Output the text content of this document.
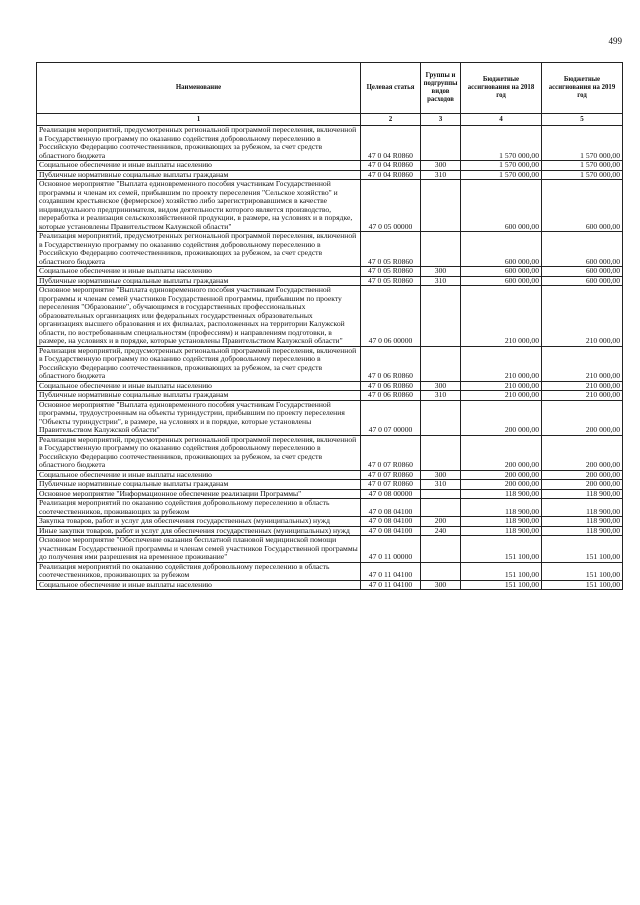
499
Наименование	Целевая статья	Группы и подгруппы видов расходов	Бюджетные ассигнования на 2018 год	Бюджетные ассигнования на 2019 год
1	2	3	4	5
Реализация мероприятий, предусмотренных региональной программой переселения, включенной в Государственную программу по оказанию содействия добровольному переселению в Российскую Федерацию соотечественников, проживающих за рубежом, за счет средств областного бюджета	47 0 04 R0860		1 570 000,00	1 570 000,00
Социальное обеспечение и иные выплаты населению	47 0 04 R0860	300	1 570 000,00	1 570 000,00
Публичные нормативные социальные выплаты гражданам	47 0 04 R0860	310	1 570 000,00	1 570 000,00
Основное мероприятие "Выплата единовременного пособия участникам Государственной программы и членам их семей, прибывшим по проекту переселения "Сельское хозяйство" и создавшим крестьянское (фермерское) хозяйство либо зарегистрировавшимся в качестве индивидуального предпринимателя, видом деятельности которого является производство, переработка и реализация сельскохозяйственной продукции, в размере, на условиях и в порядке, которые установлены Правительством Калужской области"	47 0 05 00000		600 000,00	600 000,00
Реализация мероприятий, предусмотренных региональной программой переселения, включенной в Государственную программу по оказанию содействия добровольному переселению в Российскую Федерацию соотечественников, проживающих за рубежом, за счет средств областного бюджета	47 0 05 R0860		600 000,00	600 000,00
Социальное обеспечение и иные выплаты населению	47 0 05 R0860	300	600 000,00	600 000,00
Публичные нормативные социальные выплаты гражданам	47 0 05 R0860	310	600 000,00	600 000,00
Основное мероприятие "Выплата единовременного пособия участникам Государственной программы и членам семей участников Государственной программы, прибывшим по проекту переселения "Образование", обучающимся в государственных профессиональных образовательных организациях или федеральных государственных образовательных организациях высшего образования и их филиалах, расположенных на территории Калужской области, по востребованным специальностям (профессиям) и направлениям подготовки, в размере, на условиях и в порядке, которые установлены Правительством Калужской области"	47 0 06 00000		210 000,00	210 000,00
Реализация мероприятий, предусмотренных региональной программой переселения, включенной в Государственную программу по оказанию содействия добровольному переселению в Российскую Федерацию соотечественников, проживающих за рубежом, за счет средств областного бюджета	47 0 06 R0860		210 000,00	210 000,00
Социальное обеспечение и иные выплаты населению	47 0 06 R0860	300	210 000,00	210 000,00
Публичные нормативные социальные выплаты гражданам	47 0 06 R0860	310	210 000,00	210 000,00
Основное мероприятие "Выплата единовременного пособия участникам Государственной программы, трудоустроенным на объекты туриндустрии, прибывшим по проекту переселения "Объекты туриндустрии", в размере, на условиях и в порядке, которые установлены Правительством Калужской области"	47 0 07 00000		200 000,00	200 000,00
Реализация мероприятий, предусмотренных региональной программой переселения, включенной в Государственную программу по оказанию содействия добровольному переселению в Российскую Федерацию соотечественников, проживающих за рубежом, за счет средств областного бюджета	47 0 07 R0860		200 000,00	200 000,00
Социальное обеспечение и иные выплаты населению	47 0 07 R0860	300	200 000,00	200 000,00
Публичные нормативные социальные выплаты гражданам	47 0 07 R0860	310	200 000,00	200 000,00
Основное мероприятие "Информационное обеспечение реализации Программы"	47 0 08 00000		118 900,00	118 900,00
Реализация мероприятий по оказанию содействия добровольному переселению в область соотечественников, проживающих за рубежом	47 0 08 04100		118 900,00	118 900,00
Закупка товаров, работ и услуг для обеспечения государственных (муниципальных) нужд	47 0 08 04100	200	118 900,00	118 900,00
Иные закупки товаров, работ и услуг для обеспечения государственных (муниципальных) нужд	47 0 08 04100	240	118 900,00	118 900,00
Основное мероприятие "Обеспечение оказания бесплатной плановой медицинской помощи участникам Государственной программы и членам семей участников Государственной программы до получения ими разрешения на временное проживание"	47 0 11 00000		151 100,00	151 100,00
Реализация мероприятий по оказанию содействия добровольному переселению в область соотечественников, проживающих за рубежом	47 0 11 04100		151 100,00	151 100,00
Социальное обеспечение и иные выплаты населению	47 0 11 04100	300	151 100,00	151 100,00
